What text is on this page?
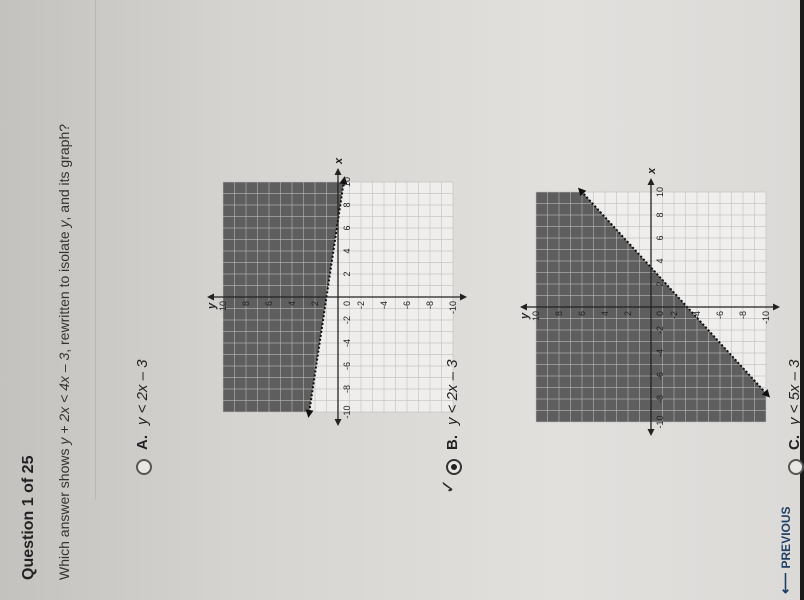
Question 1 of 25 Which answer shows y + 2x < 4x – 3, rewritten to isolate y, and its graph?
A.
y < 2x – 3
x
y
-10
-10
-8
-8
-6
-6
-4
-4
-2
-2
0
2
2
4
4
6
6
8
8
10
10
✓
B.
y < 2x – 3
x
y
-10
-10
-8
-8
-6
-6
-4
-4
-2
-2
0
2
2
4
4
6
6
8
8
10
10
C.
y < 5x – 3
⟵PREVIOUS
